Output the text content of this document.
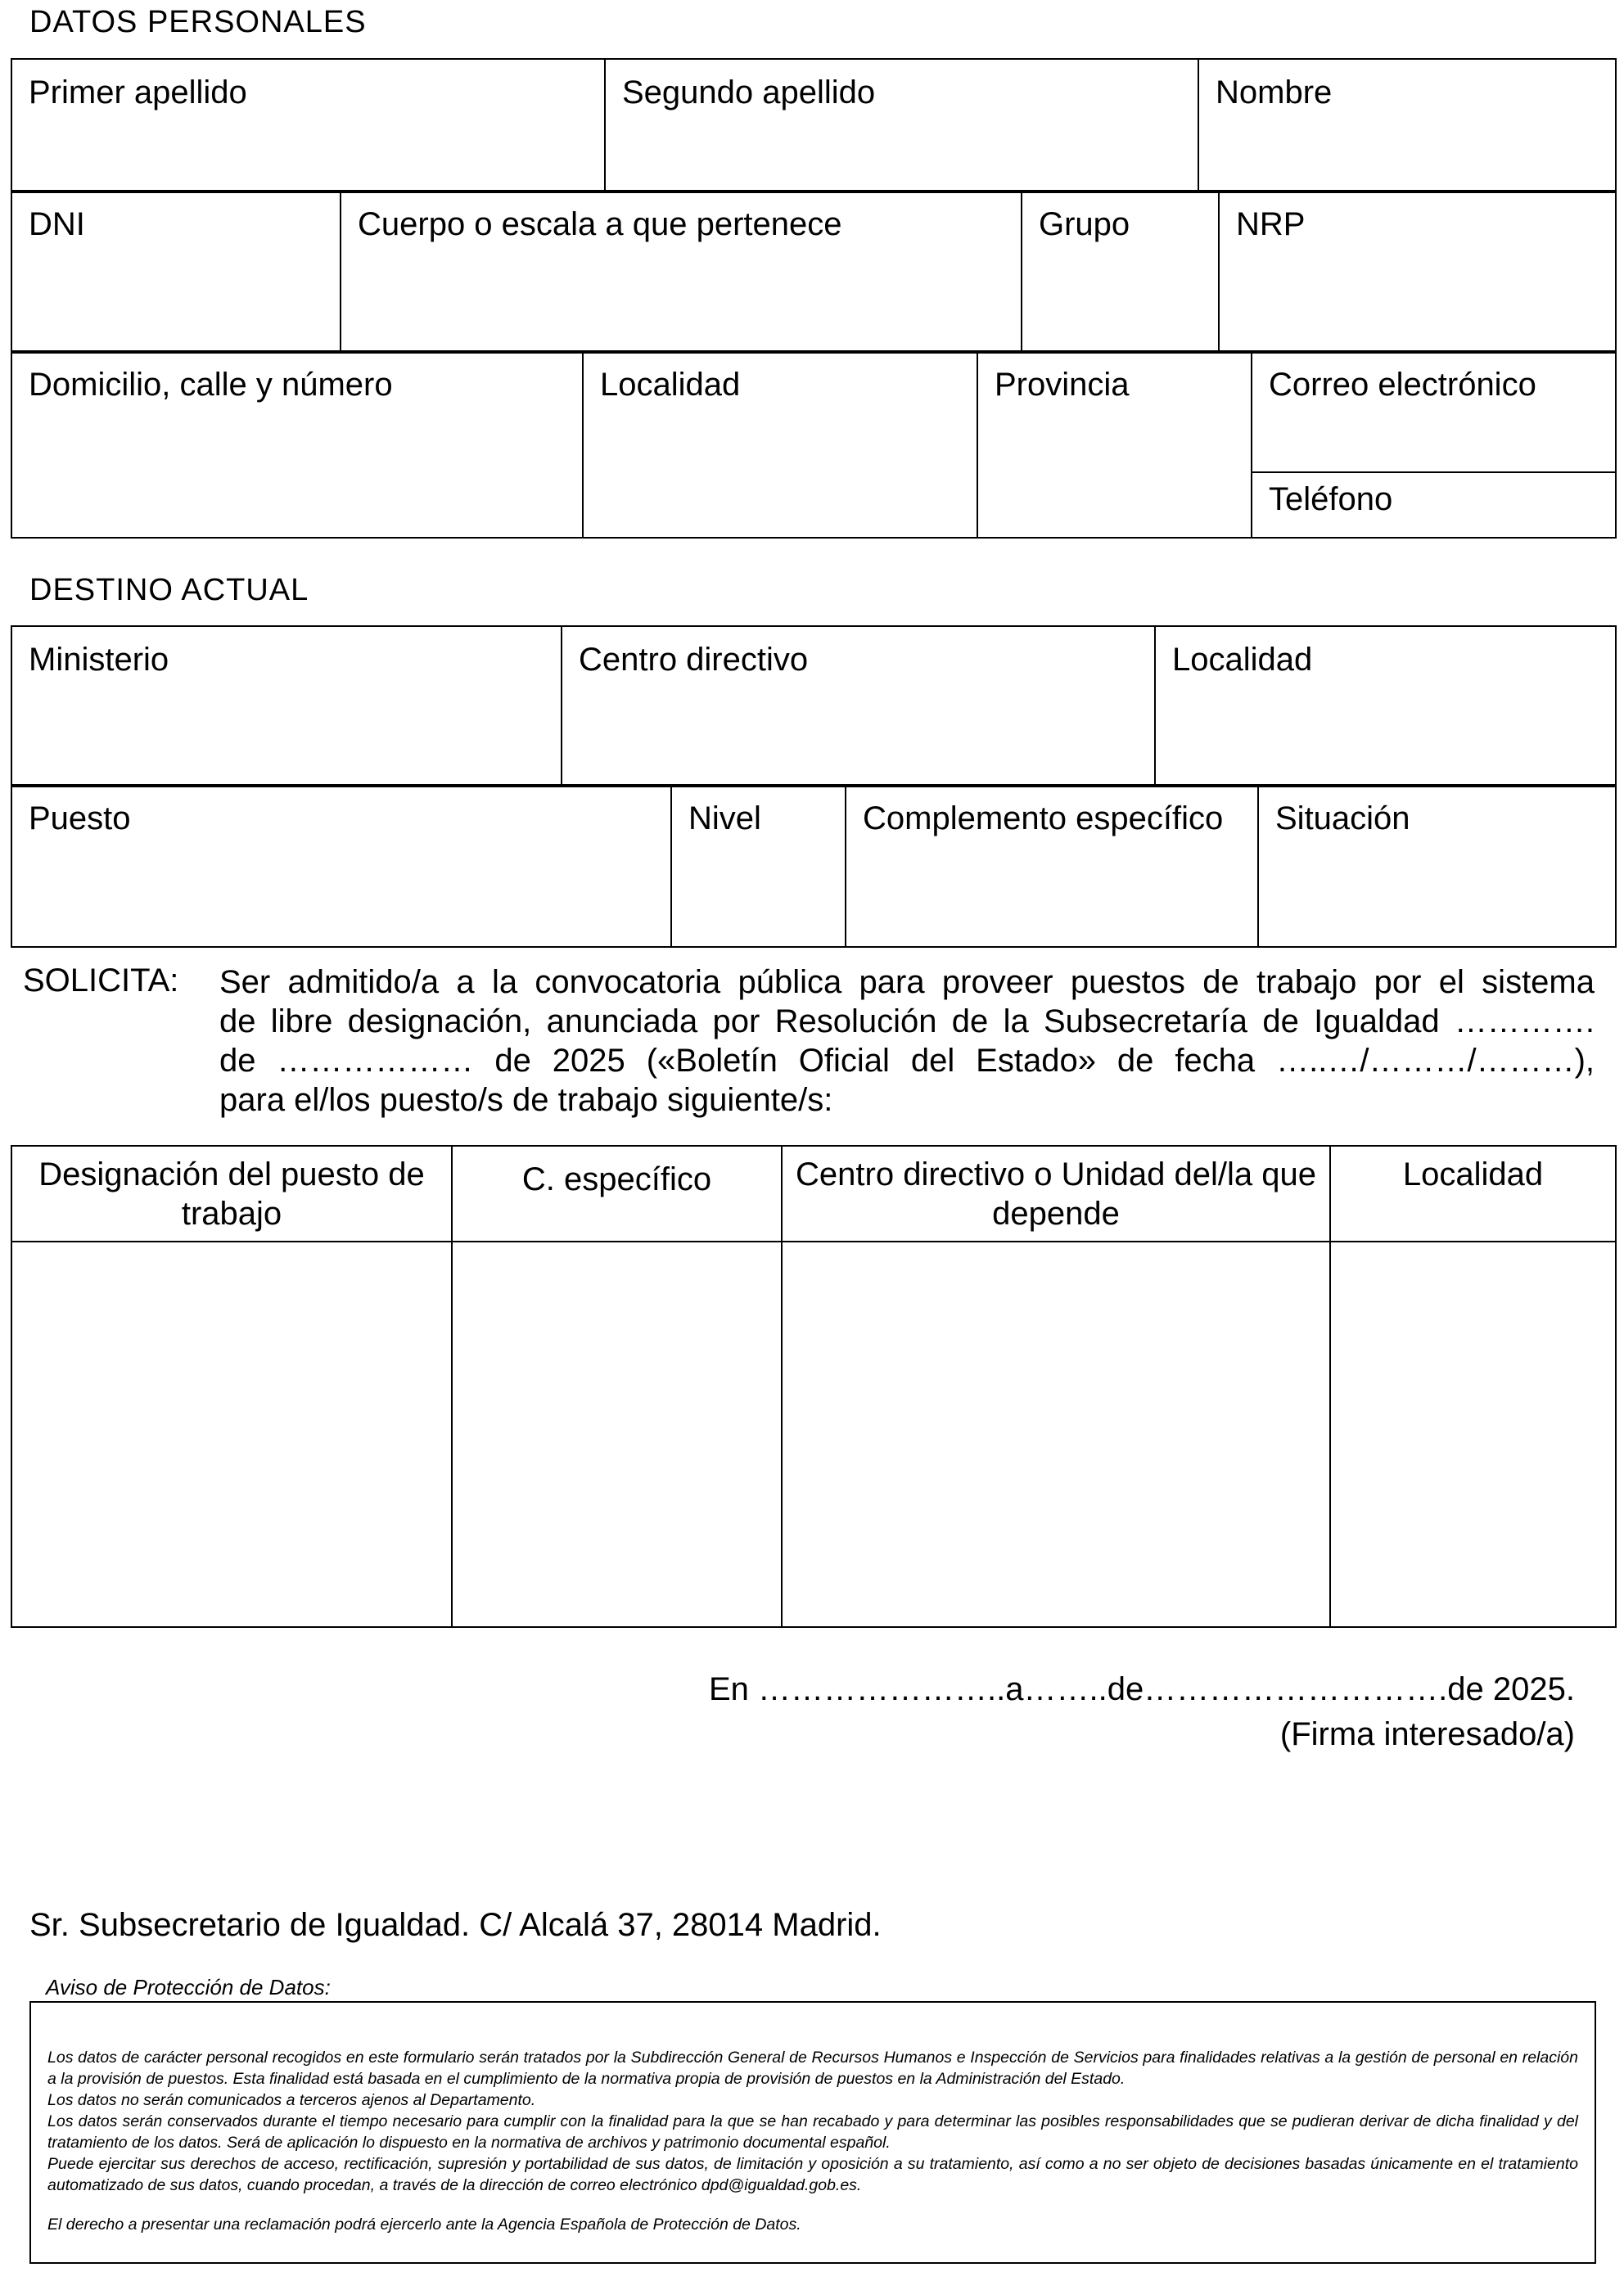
DATOS PERSONALES
Primer apellido	Segundo apellido	Nombre
DNI	Cuerpo o escala a que pertenece	Grupo	NRP
Domicilio, calle y número	Localidad	Provincia	Correo electrónico
Teléfono
DESTINO ACTUAL
Ministerio	Centro directivo	Localidad
Puesto	Nivel	Complemento específico	Situación
SOLICITA: Ser admitido/a a la convocatoria pública para proveer puestos de trabajo por el sistema
de libre designación, anunciada por Resolución de la Subsecretaría de Igualdad ………….
de ……………… de 2025 («Boletín Oficial del Estado» de fecha …..…/………/………),
para el/los puesto/s de trabajo siguiente/s:
Designación del puesto de trabajo	C. específico	Centro directivo o Unidad del/la que depende	Localidad

En …………………..a……..de……………………….de 2025.
(Firma interesado/a)
Sr. Subsecretario de Igualdad. C/ Alcalá 37, 28014 Madrid.
Aviso de Protección de Datos:

Los datos de carácter personal recogidos en este formulario serán tratados por la Subdirección General de Recursos Humanos e Inspección de Servicios para finalidades relativas a la gestión de personal en relación a la provisión de puestos. Esta finalidad está basada en el cumplimiento de la normativa propia de provisión de puestos en la Administración del Estado.

Los datos no serán comunicados a terceros ajenos al Departamento.

Los datos serán conservados durante el tiempo necesario para cumplir con la finalidad para la que se han recabado y para determinar las posibles responsabilidades que se pudieran derivar de dicha finalidad y del tratamiento de los datos. Será de aplicación lo dispuesto en la normativa de archivos y patrimonio documental español.

Puede ejercitar sus derechos de acceso, rectificación, supresión y portabilidad de sus datos, de limitación y oposición a su tratamiento, así como a no ser objeto de decisiones basadas únicamente en el tratamiento automatizado de sus datos, cuando procedan, a través de la dirección de correo electrónico dpd@igualdad.gob.es.

El derecho a presentar una reclamación podrá ejercerlo ante la Agencia Española de Protección de Datos.
